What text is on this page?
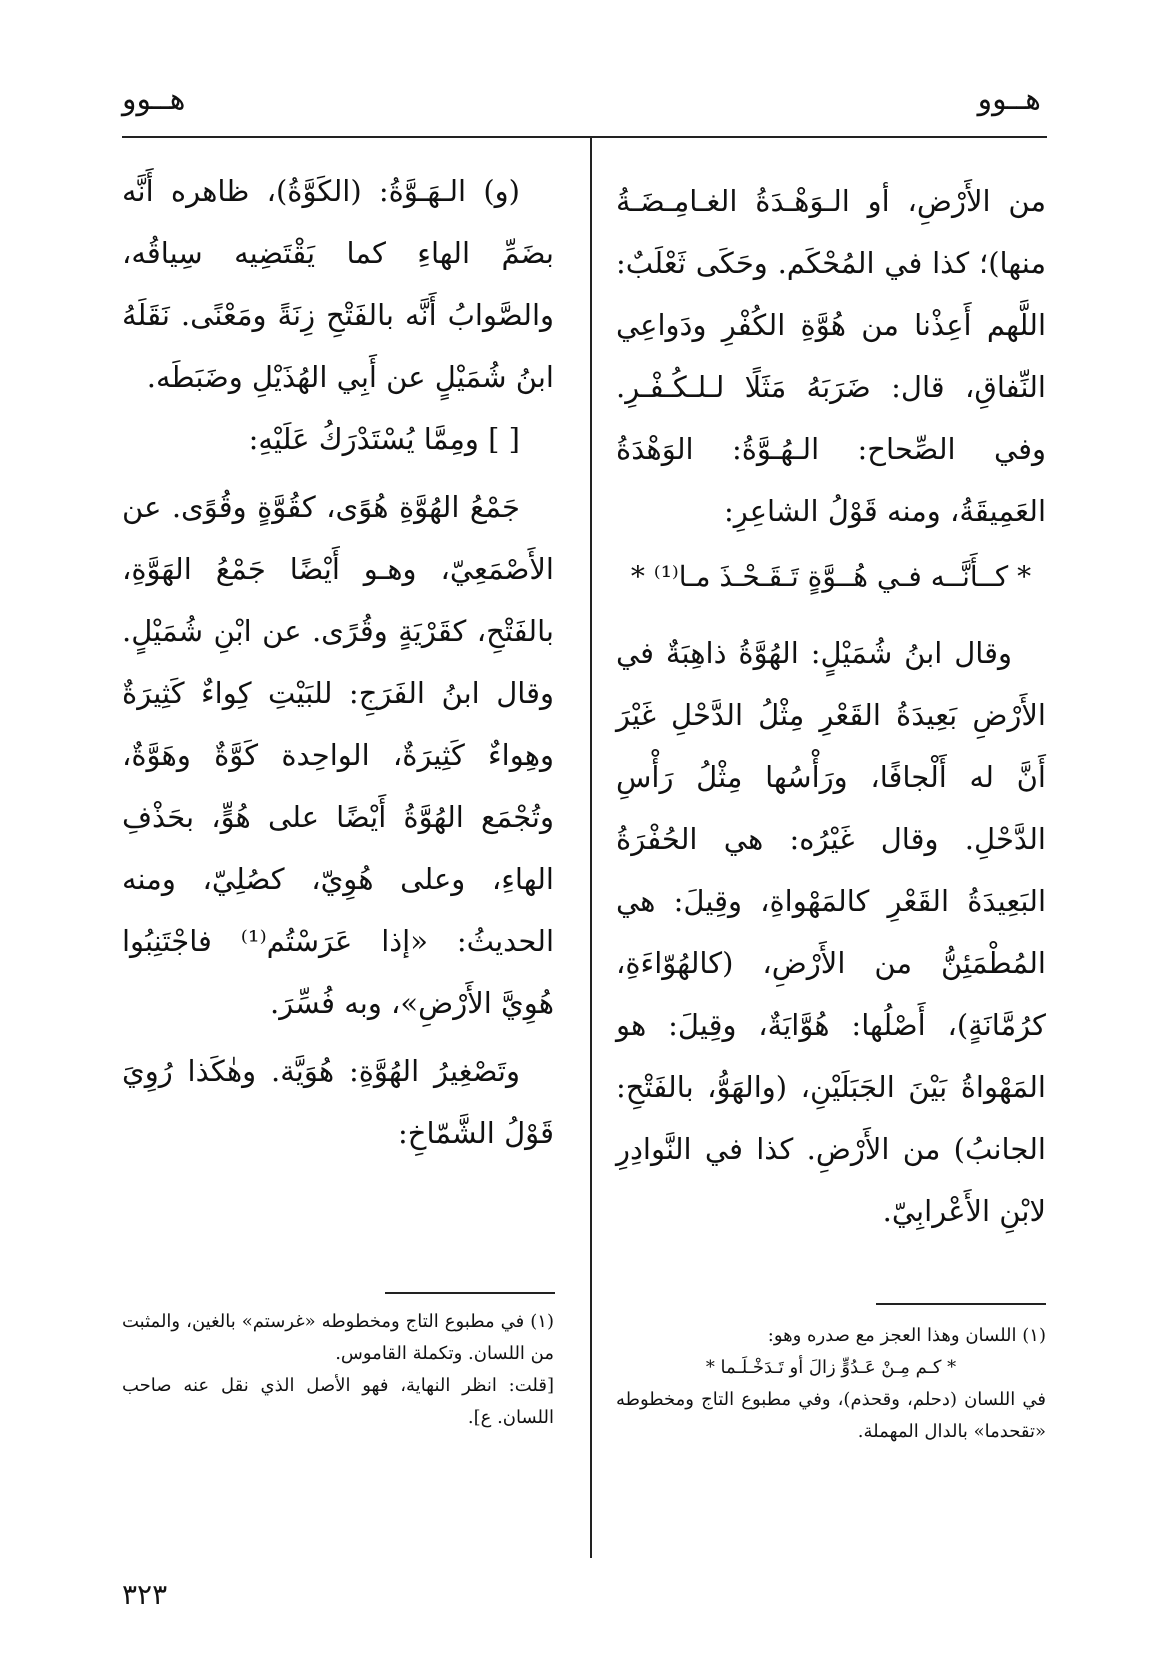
هــوو
هــوو

من الأَرْضِ، أو الـوَهْـدَةُ الغـامِـضَـةُ منها)؛ كذا في المُحْكَم. وحَكَى ثَعْلَبٌ: اللَّهم أَعِذْنا من هُوَّةِ الكُفْرِ ودَواعِي النِّفاقِ، قال: ضَرَبَهُ مَثَلًا لـلـكُـفْـرِ. وفي الصِّحاح: الـهُـوَّةُ: الوَهْدَةُ العَمِيقَةُ، ومنه قَوْلُ الشاعِرِ:

* كــأَنَّــه فـي هُــوَّةٍ تَـقَـحْـذَ مـا⁽¹⁾ *

وقال ابنُ شُمَيْلٍ: الهُوَّةُ ذاهِبَةٌ في الأَرْضِ بَعِيدَةُ القَعْرِ مِثْلُ الدَّحْلِ غَيْرَ أَنَّ له أَلْجافًا، ورَأْسُها مِثْلُ رَأْسِ الدَّحْلِ. وقال غَيْرُه: هي الحُفْرَةُ البَعِيدَةُ القَعْرِ كالمَهْواةِ، وقِيلَ: هي المُطْمَئِنُّ من الأَرْضِ، (كالهُوّاءَةِ، كرُمَّانَةٍ)، أَصْلُها: هُوَّايَةٌ، وقِيلَ: هو المَهْواةُ بَيْنَ الجَبَلَيْنِ، (والهَوُّ، بالفَتْحِ: الجانبُ) من الأَرْضِ. كذا في النَّوادِرِ لابْنِ الأَعْرابِيّ.

(و) الـهَـوَّةُ: (الكَوَّةُ)، ظاهره أَنَّه بضَمِّ الهاءِ كما يَقْتَضِيه سِياقُه، والصَّوابُ أَنَّه بالفَتْحِ زِنَةً ومَعْنًى. نَقَلَهُ ابنُ شُمَيْلٍ عن أَبِي الهُذَيْلِ وضَبَطَه.

[ ] ومِمَّا يُسْتَدْرَكُ عَلَيْهِ:

جَمْعُ الهُوَّةِ هُوًى، كقُوَّةٍ وقُوًى. عن الأَصْمَعِيّ، وهـو أَيْضًا جَمْعُ الهَوَّةِ، بالفَتْحِ، كقَرْيَةٍ وقُرًى. عن ابْنِ شُمَيْلٍ. وقال ابنُ الفَرَجِ: للبَيْتِ كِواءٌ كَثِيرَةٌ وهِواءٌ كَثِيرَةٌ، الواحِدة كَوَّةٌ وهَوَّةٌ، وتُجْمَع الهُوَّةُ أَيْضًا على هُوٍّ، بحَذْفِ الهاءِ، وعلى هُوِيّ، كصُلِيّ، ومنه الحديثُ: «إذا عَرَسْتُم⁽¹⁾ فاجْتَنِبُوا هُوِيَّ الأَرْضِ»، وبه فُسِّرَ.

وتَصْغِيرُ الهُوَّةِ: هُوَيَّة. وهٰكَذا رُوِيَ قَوْلُ الشَّمّاخِ:

(١) اللسان وهذا العجز مع صدره وهو:

* كـم مِـنْ عَـدُوٍّ زالَ أو تَـدَخْـلَـما *

في اللسان (دحلم، وقحذم)، وفي مطبوع التاج ومخطوطه «تقحدما» بالدال المهملة.

(١) في مطبوع التاج ومخطوطه «غرستم» بالغين، والمثبت من اللسان. وتكملة القاموس.

[قلت: انظر النهاية، فهو الأصل الذي نقل عنه صاحب اللسان. ع].

٣٢٣
